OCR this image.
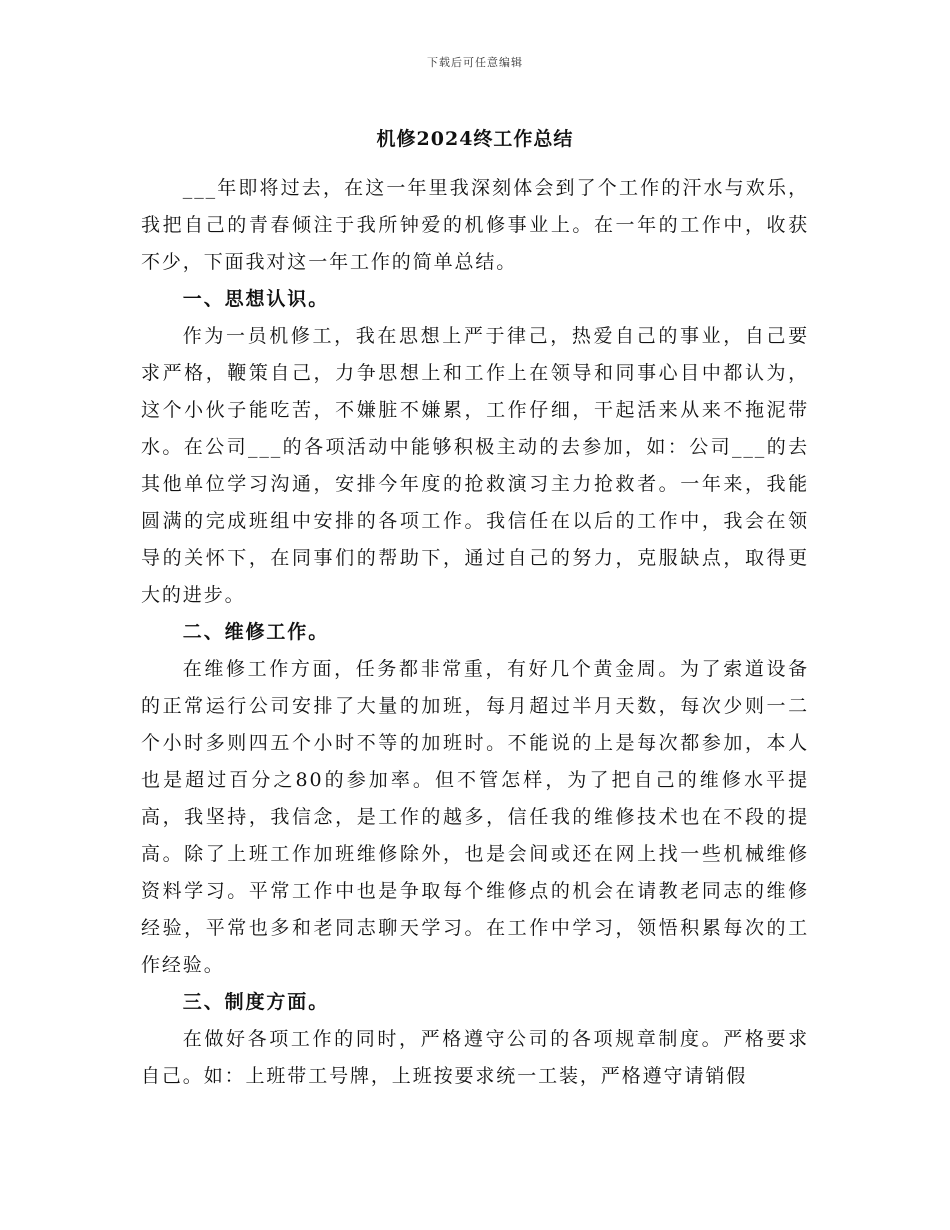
下载后可任意编辑
机修2024终工作总结

___年即将过去，在这一年里我深刻体会到了个工作的汗水与欢乐，我把自己的青春倾注于我所钟爱的机修事业上。在一年的工作中，收获不少，下面我对这一年工作的简单总结。

一、思想认识。

作为一员机修工，我在思想上严于律己，热爱自己的事业，自己要求严格，鞭策自己，力争思想上和工作上在领导和同事心目中都认为，这个小伙子能吃苦，不嫌脏不嫌累，工作仔细，干起活来从来不拖泥带水。在公司___的各项活动中能够积极主动的去参加，如：公司___的去其他单位学习沟通，安排今年度的抢救演习主力抢救者。一年来，我能圆满的完成班组中安排的各项工作。我信任在以后的工作中，我会在领导的关怀下，在同事们的帮助下，通过自己的努力，克服缺点，取得更大的进步。

二、维修工作。

在维修工作方面，任务都非常重，有好几个黄金周。为了索道设备的正常运行公司安排了大量的加班，每月超过半月天数，每次少则一二个小时多则四五个小时不等的加班时。不能说的上是每次都参加，本人也是超过百分之80的参加率。但不管怎样，为了把自己的维修水平提高，我坚持，我信念，是工作的越多，信任我的维修技术也在不段的提高。除了上班工作加班维修除外，也是会间或还在网上找一些机械维修资料学习。平常工作中也是争取每个维修点的机会在请教老同志的维修经验，平常也多和老同志聊天学习。在工作中学习，领悟积累每次的工作经验。

三、制度方面。

在做好各项工作的同时，严格遵守公司的各项规章制度。严格要求自己。如：上班带工号牌，上班按要求统一工装，严格遵守请销假
